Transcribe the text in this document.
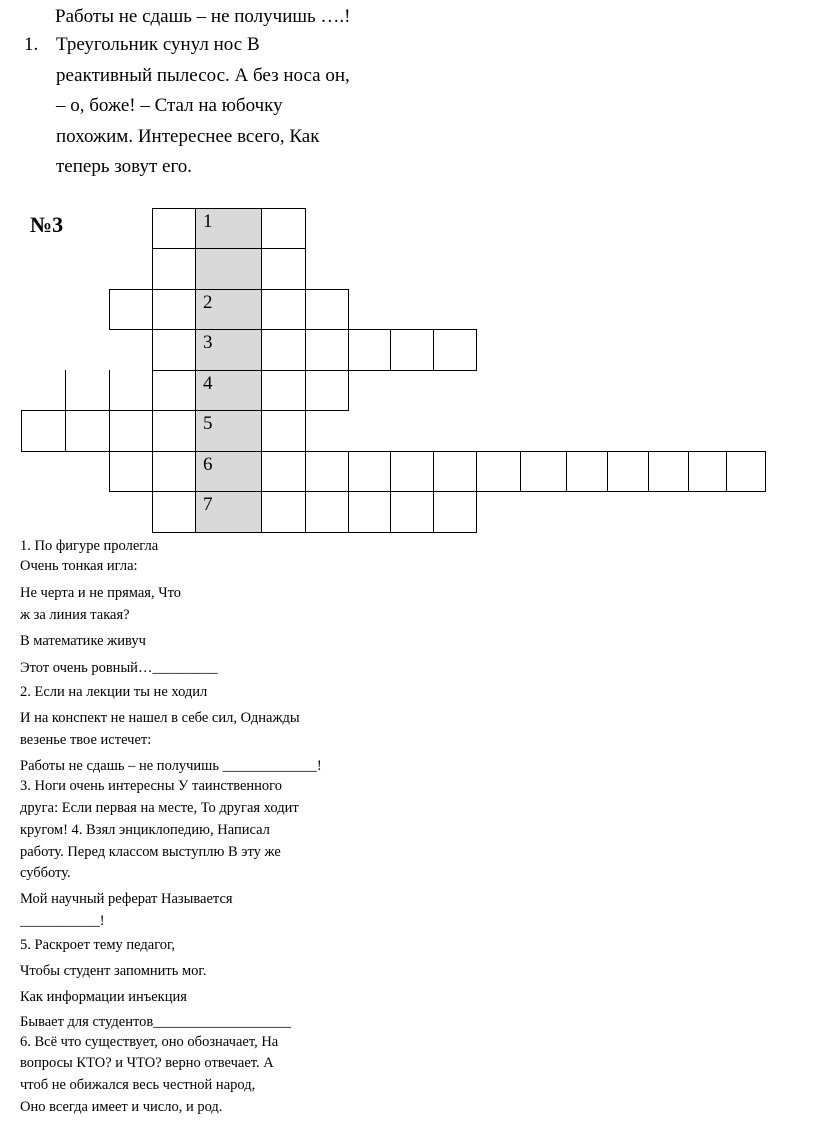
Работы не сдашь – не получишь ….!
1. Треугольник сунул нос В
реактивный пылесос. А без носа он,
– о, боже! – Стал на юбочку
похожим. Интереснее всего, Как
теперь зовут его.
№3	1
2
3
4
5
6
7
1. По фигуре пролегла
Очень тонкая игла:
Не черта и не прямая, Что
ж за линия такая?
В математике живуч
Этот очень ровный…_________
2. Если на лекции ты не ходил
И на конспект не нашел в себе сил, Однажды
везенье твое истечет:
Работы не сдашь – не получишь _____________!
3. Ноги очень интересны У таинственного
друга: Если первая на месте, То другая ходит
кругом! 4. Взял энциклопедию, Написал
работу. Перед классом выступлю В эту же
субботу.
Мой научный реферат Называется
___________!
5. Раскроет тему педагог,
Чтобы студент запомнить мог.
Как информации инъекция
Бывает для студентов___________________
6. Всё что существует, оно обозначает, На
вопросы КТО? и ЧТО? верно отвечает. А
чтоб не обижался весь честной народ,
Оно всегда имеет и число, и род.
